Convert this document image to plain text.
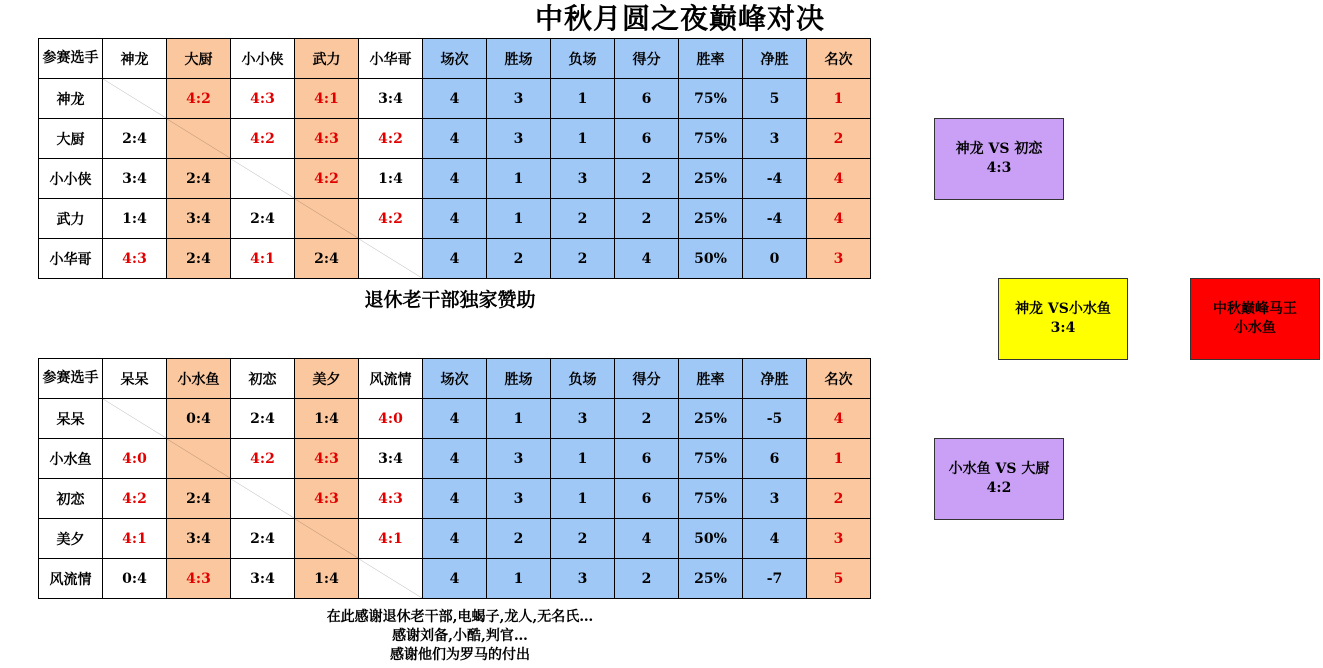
中秋月圆之夜巅峰对决
参赛选手	神龙	大厨	小小侠	武力	小华哥	场次	胜场	负场	得分	胜率	净胜	名次
神龙		4:2	4:3	4:1	3:4	4	3	1	6	75%	5	1
大厨	2:4		4:2	4:3	4:2	4	3	1	6	75%	3	2
小小侠	3:4	2:4		4:2	1:4	4	1	3	2	25%	-4	4
武力	1:4	3:4	2:4		4:2	4	1	2	2	25%	-4	4
小华哥	4:3	2:4	4:1	2:4		4	2	2	4	50%	0	3
退休老干部独家赞助
参赛选手	呆呆	小水鱼	初恋	美夕	风流情	场次	胜场	负场	得分	胜率	净胜	名次
呆呆		0:4	2:4	1:4	4:0	4	1	3	2	25%	-5	4
小水鱼	4:0		4:2	4:3	3:4	4	3	1	6	75%	6	1
初恋	4:2	2:4		4:3	4:3	4	3	1	6	75%	3	2
美夕	4:1	3:4	2:4		4:1	4	2	2	4	50%	4	3
风流情	0:4	4:3	3:4	1:4		4	1	3	2	25%	-7	5
在此感谢退休老干部,电蝎子,龙人,无名氏…
感谢刘备,小酷,判官…
感谢他们为罗马的付出
神龙 VS 初恋
4:3
神龙 VS小水鱼
3:4
中秋巅峰马王
小水鱼
小水鱼 VS 大厨
4:2
